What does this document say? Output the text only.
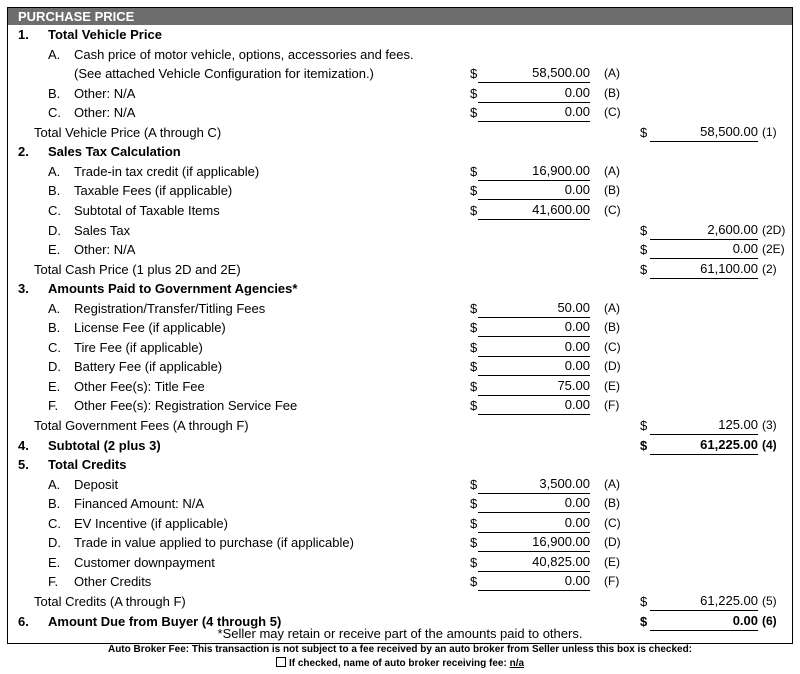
PURCHASE PRICE
1. Total Vehicle Price
A. Cash price of motor vehicle, options, accessories and fees.
(See attached Vehicle Configuration for itemization.)	$	58,500.00 (A)
B. Other: N/A	$	0.00 (B)
C. Other: N/A	$	0.00 (C)
Total Vehicle Price (A through C)	$	58,500.00 (1)
2. Sales Tax Calculation
A. Trade-in tax credit (if applicable)	$	16,900.00 (A)
B. Taxable Fees (if applicable)	$	0.00 (B)
C. Subtotal of Taxable Items	$	41,600.00 (C)
D. Sales Tax	$	2,600.00 (2D)
E. Other: N/A	$	0.00 (2E)
Total Cash Price (1 plus 2D and 2E)	$	61,100.00 (2)
3. Amounts Paid to Government Agencies*
A. Registration/Transfer/Titling Fees	$	50.00 (A)
B. License Fee (if applicable)	$	0.00 (B)
C. Tire Fee (if applicable)	$	0.00 (C)
D. Battery Fee (if applicable)	$	0.00 (D)
E. Other Fee(s): Title Fee	$	75.00 (E)
F. Other Fee(s): Registration Service Fee	$	0.00 (F)
Total Government Fees (A through F)	$	125.00 (3)
4. Subtotal (2 plus 3)	$	61,225.00 (4)
5. Total Credits
A. Deposit	$	3,500.00 (A)
B. Financed Amount: N/A	$	0.00 (B)
C. EV Incentive (if applicable)	$	0.00 (C)
D. Trade in value applied to purchase (if applicable)	$	16,900.00 (D)
E. Customer downpayment	$	40,825.00 (E)
F. Other Credits	$	0.00 (F)
Total Credits (A through F)	$	61,225.00 (5)
6. Amount Due from Buyer (4 through 5)	$	0.00 (6)
*Seller may retain or receive part of the amounts paid to others.
Auto Broker Fee: This transaction is not subject to a fee received by an auto broker from Seller unless this box is checked:
If checked, name of auto broker receiving fee: n/a
